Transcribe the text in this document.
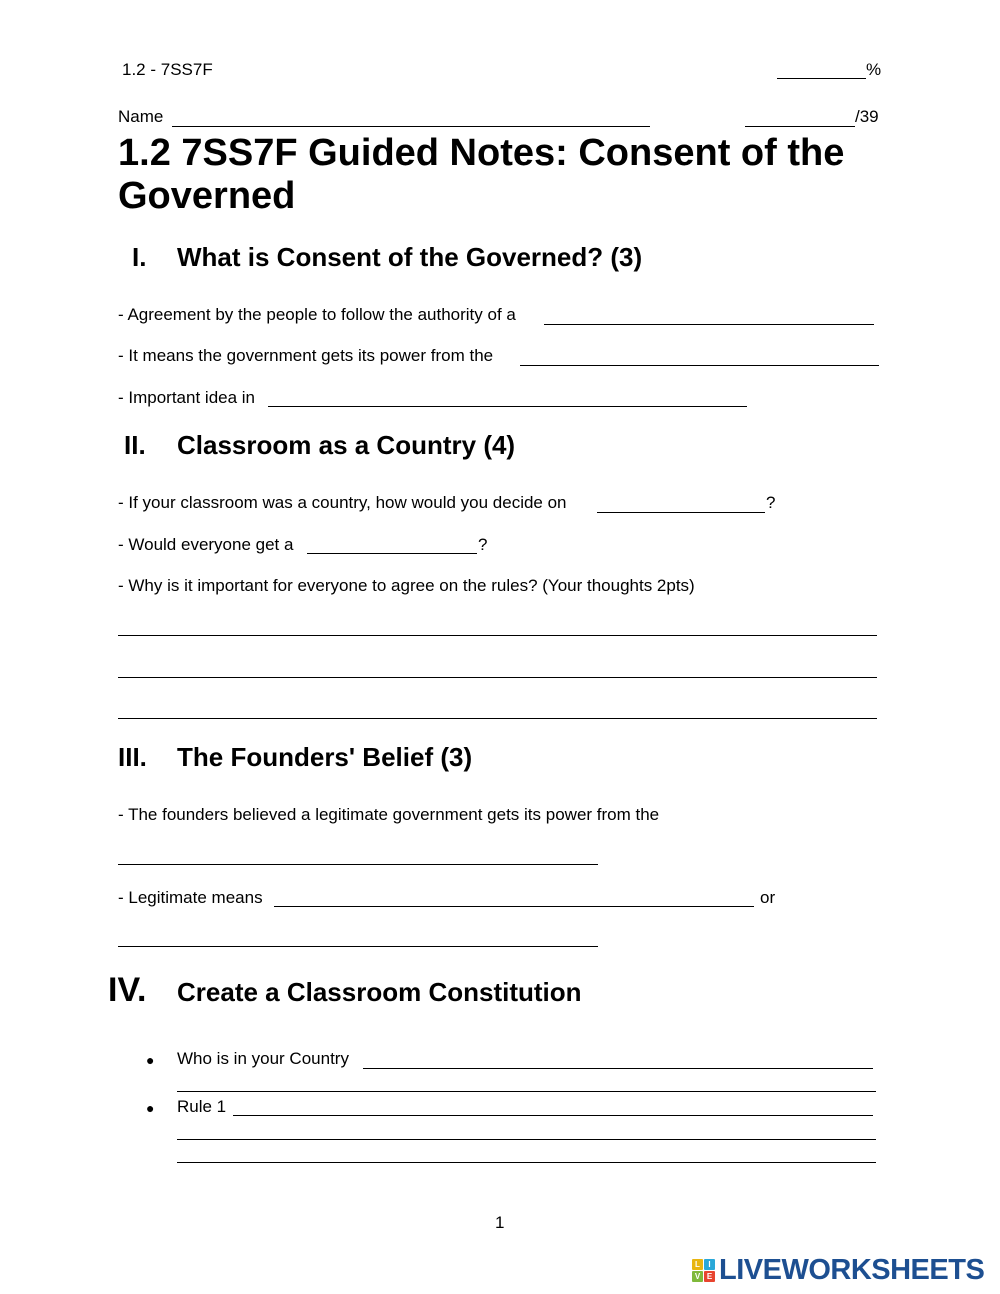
1.2 - 7SS7F	%
Name	/39
1.2 7SS7F Guided Notes: Consent of the
Governed
I. What is Consent of the Governed? (3)
- Agreement by the people to follow the authority of a
- It means the government gets its power from the
- Important idea in
II. Classroom as a Country (4)
- If your classroom was a country, how would you decide on	?
- Would everyone get a	?
- Why is it important for everyone to agree on the rules? (Your thoughts 2pts)
III. The Founders' Belief (3)
- The founders believed a legitimate government gets its power from the
- Legitimate means	or
IV. Create a Classroom Constitution
● Who is in your Country
● Rule 1
1
L	I
V E LIVEWORKSHEETS
